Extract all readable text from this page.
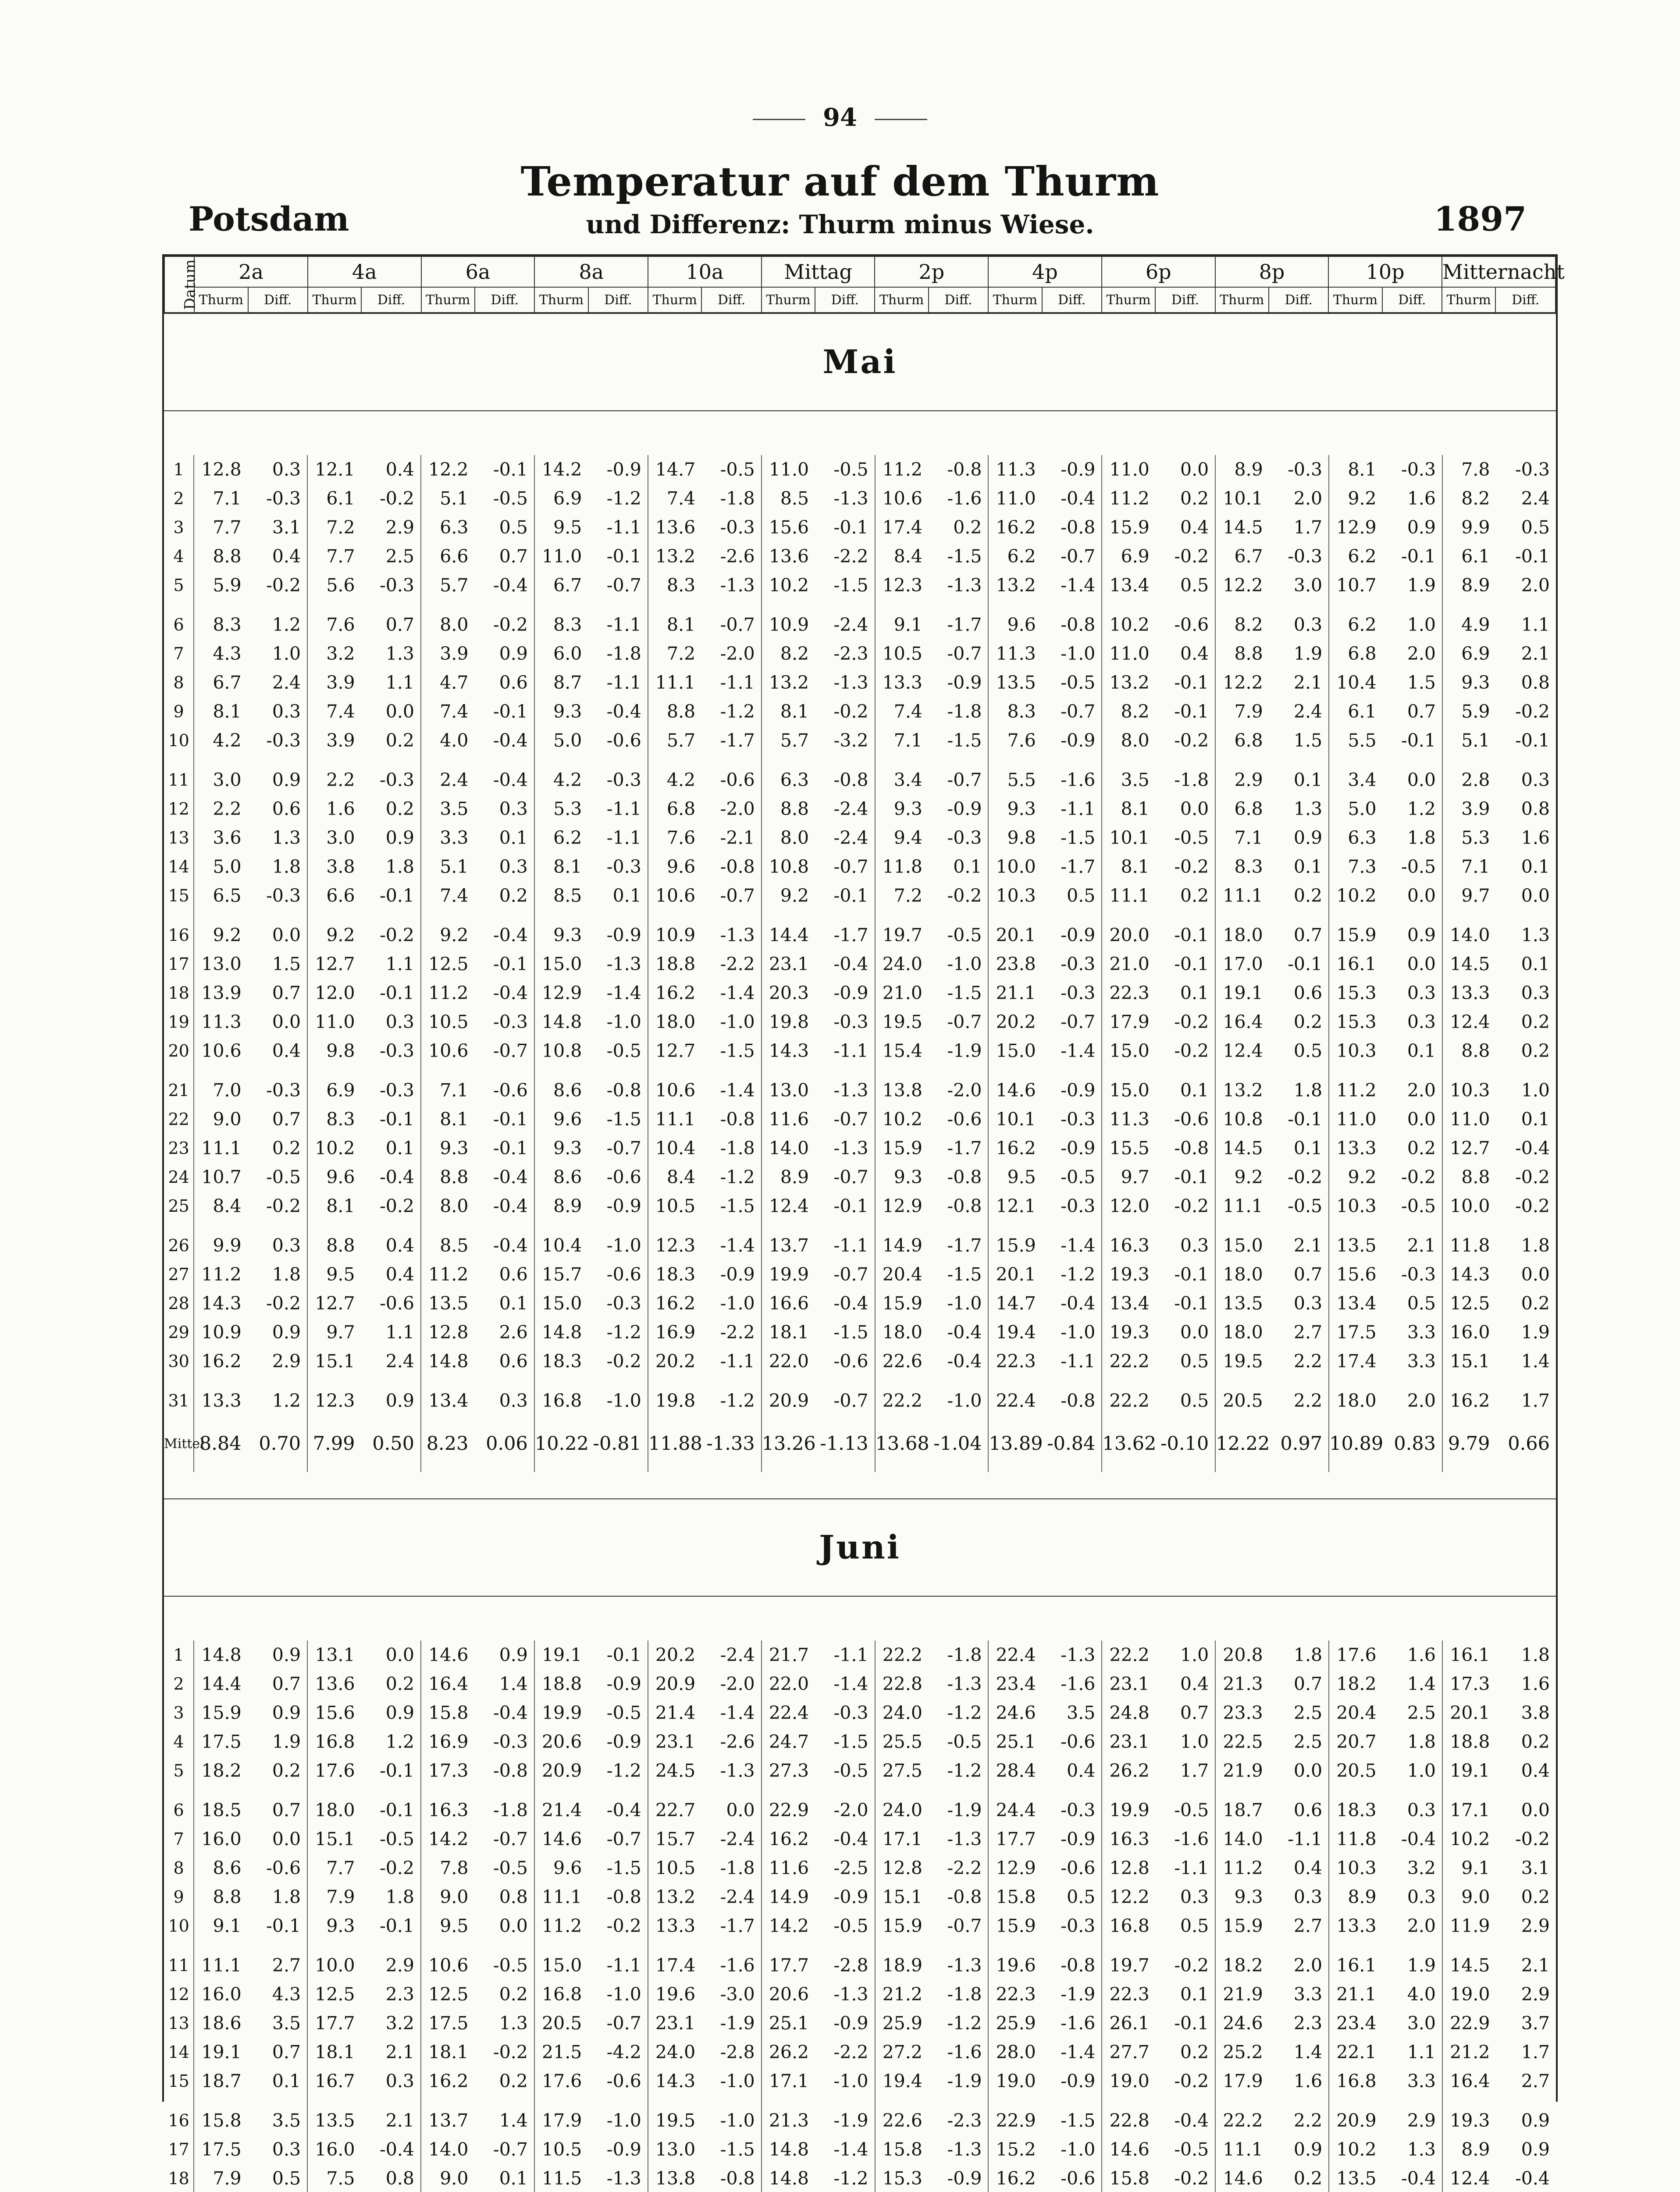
94
Temperatur auf dem Thurm
und Differenz: Thurm minus Wiese.
Potsdam	1897
Datum	2a		4a		6a		8a		10a		Mittag		2p		4p		6p		8p		10p		Mitternacht	
	Thurm	Diff.	Thurm	Diff.	Thurm	Diff.	Thurm	Diff.	Thurm	Diff.	Thurm	Diff.	Thurm	Diff.	Thurm	Diff.	Thurm	Diff.	Thurm	Diff.	Thurm	Diff.	Thurm	Diff.
Mai
1	12.8	0.3	12.1	0.4	12.2	-0.1	14.2	-0.9	14.7	-0.5	11.0	-0.5	11.2	-0.8	11.3	-0.9	11.0	0.0	8.9	-0.3	8.1	-0.3	7.8	-0.3
2	7.1	-0.3	6.1	-0.2	5.1	-0.5	6.9	-1.2	7.4	-1.8	8.5	-1.3	10.6	-1.6	11.0	-0.4	11.2	0.2	10.1	2.0	9.2	1.6	8.2	2.4
3	7.7	3.1	7.2	2.9	6.3	0.5	9.5	-1.1	13.6	-0.3	15.6	-0.1	17.4	0.2	16.2	-0.8	15.9	0.4	14.5	1.7	12.9	0.9	9.9	0.5
4	8.8	0.4	7.7	2.5	6.6	0.7	11.0	-0.1	13.2	-2.6	13.6	-2.2	8.4	-1.5	6.2	-0.7	6.9	-0.2	6.7	-0.3	6.2	-0.1	6.1	-0.1
5	5.9	-0.2	5.6	-0.3	5.7	-0.4	6.7	-0.7	8.3	-1.3	10.2	-1.5	12.3	-1.3	13.2	-1.4	13.4	0.5	12.2	3.0	10.7	1.9	8.9	2.0
6	8.3	1.2	7.6	0.7	8.0	-0.2	8.3	-1.1	8.1	-0.7	10.9	-2.4	9.1	-1.7	9.6	-0.8	10.2	-0.6	8.2	0.3	6.2	1.0	4.9	1.1
7	4.3	1.0	3.2	1.3	3.9	0.9	6.0	-1.8	7.2	-2.0	8.2	-2.3	10.5	-0.7	11.3	-1.0	11.0	0.4	8.8	1.9	6.8	2.0	6.9	2.1
8	6.7	2.4	3.9	1.1	4.7	0.6	8.7	-1.1	11.1	-1.1	13.2	-1.3	13.3	-0.9	13.5	-0.5	13.2	-0.1	12.2	2.1	10.4	1.5	9.3	0.8
9	8.1	0.3	7.4	0.0	7.4	-0.1	9.3	-0.4	8.8	-1.2	8.1	-0.2	7.4	-1.8	8.3	-0.7	8.2	-0.1	7.9	2.4	6.1	0.7	5.9	-0.2
10	4.2	-0.3	3.9	0.2	4.0	-0.4	5.0	-0.6	5.7	-1.7	5.7	-3.2	7.1	-1.5	7.6	-0.9	8.0	-0.2	6.8	1.5	5.5	-0.1	5.1	-0.1
11	3.0	0.9	2.2	-0.3	2.4	-0.4	4.2	-0.3	4.2	-0.6	6.3	-0.8	3.4	-0.7	5.5	-1.6	3.5	-1.8	2.9	0.1	3.4	0.0	2.8	0.3
12	2.2	0.6	1.6	0.2	3.5	0.3	5.3	-1.1	6.8	-2.0	8.8	-2.4	9.3	-0.9	9.3	-1.1	8.1	0.0	6.8	1.3	5.0	1.2	3.9	0.8
13	3.6	1.3	3.0	0.9	3.3	0.1	6.2	-1.1	7.6	-2.1	8.0	-2.4	9.4	-0.3	9.8	-1.5	10.1	-0.5	7.1	0.9	6.3	1.8	5.3	1.6
14	5.0	1.8	3.8	1.8	5.1	0.3	8.1	-0.3	9.6	-0.8	10.8	-0.7	11.8	0.1	10.0	-1.7	8.1	-0.2	8.3	0.1	7.3	-0.5	7.1	0.1
15	6.5	-0.3	6.6	-0.1	7.4	0.2	8.5	0.1	10.6	-0.7	9.2	-0.1	7.2	-0.2	10.3	0.5	11.1	0.2	11.1	0.2	10.2	0.0	9.7	0.0
16	9.2	0.0	9.2	-0.2	9.2	-0.4	9.3	-0.9	10.9	-1.3	14.4	-1.7	19.7	-0.5	20.1	-0.9	20.0	-0.1	18.0	0.7	15.9	0.9	14.0	1.3
17	13.0	1.5	12.7	1.1	12.5	-0.1	15.0	-1.3	18.8	-2.2	23.1	-0.4	24.0	-1.0	23.8	-0.3	21.0	-0.1	17.0	-0.1	16.1	0.0	14.5	0.1
18	13.9	0.7	12.0	-0.1	11.2	-0.4	12.9	-1.4	16.2	-1.4	20.3	-0.9	21.0	-1.5	21.1	-0.3	22.3	0.1	19.1	0.6	15.3	0.3	13.3	0.3
19	11.3	0.0	11.0	0.3	10.5	-0.3	14.8	-1.0	18.0	-1.0	19.8	-0.3	19.5	-0.7	20.2	-0.7	17.9	-0.2	16.4	0.2	15.3	0.3	12.4	0.2
20	10.6	0.4	9.8	-0.3	10.6	-0.7	10.8	-0.5	12.7	-1.5	14.3	-1.1	15.4	-1.9	15.0	-1.4	15.0	-0.2	12.4	0.5	10.3	0.1	8.8	0.2
21	7.0	-0.3	6.9	-0.3	7.1	-0.6	8.6	-0.8	10.6	-1.4	13.0	-1.3	13.8	-2.0	14.6	-0.9	15.0	0.1	13.2	1.8	11.2	2.0	10.3	1.0
22	9.0	0.7	8.3	-0.1	8.1	-0.1	9.6	-1.5	11.1	-0.8	11.6	-0.7	10.2	-0.6	10.1	-0.3	11.3	-0.6	10.8	-0.1	11.0	0.0	11.0	0.1
23	11.1	0.2	10.2	0.1	9.3	-0.1	9.3	-0.7	10.4	-1.8	14.0	-1.3	15.9	-1.7	16.2	-0.9	15.5	-0.8	14.5	0.1	13.3	0.2	12.7	-0.4
24	10.7	-0.5	9.6	-0.4	8.8	-0.4	8.6	-0.6	8.4	-1.2	8.9	-0.7	9.3	-0.8	9.5	-0.5	9.7	-0.1	9.2	-0.2	9.2	-0.2	8.8	-0.2
25	8.4	-0.2	8.1	-0.2	8.0	-0.4	8.9	-0.9	10.5	-1.5	12.4	-0.1	12.9	-0.8	12.1	-0.3	12.0	-0.2	11.1	-0.5	10.3	-0.5	10.0	-0.2
26	9.9	0.3	8.8	0.4	8.5	-0.4	10.4	-1.0	12.3	-1.4	13.7	-1.1	14.9	-1.7	15.9	-1.4	16.3	0.3	15.0	2.1	13.5	2.1	11.8	1.8
27	11.2	1.8	9.5	0.4	11.2	0.6	15.7	-0.6	18.3	-0.9	19.9	-0.7	20.4	-1.5	20.1	-1.2	19.3	-0.1	18.0	0.7	15.6	-0.3	14.3	0.0
28	14.3	-0.2	12.7	-0.6	13.5	0.1	15.0	-0.3	16.2	-1.0	16.6	-0.4	15.9	-1.0	14.7	-0.4	13.4	-0.1	13.5	0.3	13.4	0.5	12.5	0.2
29	10.9	0.9	9.7	1.1	12.8	2.6	14.8	-1.2	16.9	-2.2	18.1	-1.5	18.0	-0.4	19.4	-1.0	19.3	0.0	18.0	2.7	17.5	3.3	16.0	1.9
30	16.2	2.9	15.1	2.4	14.8	0.6	18.3	-0.2	20.2	-1.1	22.0	-0.6	22.6	-0.4	22.3	-1.1	22.2	0.5	19.5	2.2	17.4	3.3	15.1	1.4
31	13.3	1.2	12.3	0.9	13.4	0.3	16.8	-1.0	19.8	-1.2	20.9	-0.7	22.2	-1.0	22.4	-0.8	22.2	0.5	20.5	2.2	18.0	2.0	16.2	1.7
Mittel	8.84	0.70	7.99	0.50	8.23	0.06	10.22	-0.81	11.88	-1.33	13.26	-1.13	13.68	-1.04	13.89	-0.84	13.62	-0.10	12.22	0.97	10.89	0.83	9.79	0.66
Juni
1	14.8	0.9	13.1	0.0	14.6	0.9	19.1	-0.1	20.2	-2.4	21.7	-1.1	22.2	-1.8	22.4	-1.3	22.2	1.0	20.8	1.8	17.6	1.6	16.1	1.8
2	14.4	0.7	13.6	0.2	16.4	1.4	18.8	-0.9	20.9	-2.0	22.0	-1.4	22.8	-1.3	23.4	-1.6	23.1	0.4	21.3	0.7	18.2	1.4	17.3	1.6
3	15.9	0.9	15.6	0.9	15.8	-0.4	19.9	-0.5	21.4	-1.4	22.4	-0.3	24.0	-1.2	24.6	3.5	24.8	0.7	23.3	2.5	20.4	2.5	20.1	3.8
4	17.5	1.9	16.8	1.2	16.9	-0.3	20.6	-0.9	23.1	-2.6	24.7	-1.5	25.5	-0.5	25.1	-0.6	23.1	1.0	22.5	2.5	20.7	1.8	18.8	0.2
5	18.2	0.2	17.6	-0.1	17.3	-0.8	20.9	-1.2	24.5	-1.3	27.3	-0.5	27.5	-1.2	28.4	0.4	26.2	1.7	21.9	0.0	20.5	1.0	19.1	0.4
6	18.5	0.7	18.0	-0.1	16.3	-1.8	21.4	-0.4	22.7	0.0	22.9	-2.0	24.0	-1.9	24.4	-0.3	19.9	-0.5	18.7	0.6	18.3	0.3	17.1	0.0
7	16.0	0.0	15.1	-0.5	14.2	-0.7	14.6	-0.7	15.7	-2.4	16.2	-0.4	17.1	-1.3	17.7	-0.9	16.3	-1.6	14.0	-1.1	11.8	-0.4	10.2	-0.2
8	8.6	-0.6	7.7	-0.2	7.8	-0.5	9.6	-1.5	10.5	-1.8	11.6	-2.5	12.8	-2.2	12.9	-0.6	12.8	-1.1	11.2	0.4	10.3	3.2	9.1	3.1
9	8.8	1.8	7.9	1.8	9.0	0.8	11.1	-0.8	13.2	-2.4	14.9	-0.9	15.1	-0.8	15.8	0.5	12.2	0.3	9.3	0.3	8.9	0.3	9.0	0.2
10	9.1	-0.1	9.3	-0.1	9.5	0.0	11.2	-0.2	13.3	-1.7	14.2	-0.5	15.9	-0.7	15.9	-0.3	16.8	0.5	15.9	2.7	13.3	2.0	11.9	2.9
11	11.1	2.7	10.0	2.9	10.6	-0.5	15.0	-1.1	17.4	-1.6	17.7	-2.8	18.9	-1.3	19.6	-0.8	19.7	-0.2	18.2	2.0	16.1	1.9	14.5	2.1
12	16.0	4.3	12.5	2.3	12.5	0.2	16.8	-1.0	19.6	-3.0	20.6	-1.3	21.2	-1.8	22.3	-1.9	22.3	0.1	21.9	3.3	21.1	4.0	19.0	2.9
13	18.6	3.5	17.7	3.2	17.5	1.3	20.5	-0.7	23.1	-1.9	25.1	-0.9	25.9	-1.2	25.9	-1.6	26.1	-0.1	24.6	2.3	23.4	3.0	22.9	3.7
14	19.1	0.7	18.1	2.1	18.1	-0.2	21.5	-4.2	24.0	-2.8	26.2	-2.2	27.2	-1.6	28.0	-1.4	27.7	0.2	25.2	1.4	22.1	1.1	21.2	1.7
15	18.7	0.1	16.7	0.3	16.2	0.2	17.6	-0.6	14.3	-1.0	17.1	-1.0	19.4	-1.9	19.0	-0.9	19.0	-0.2	17.9	1.6	16.8	3.3	16.4	2.7
16	15.8	3.5	13.5	2.1	13.7	1.4	17.9	-1.0	19.5	-1.0	21.3	-1.9	22.6	-2.3	22.9	-1.5	22.8	-0.4	22.2	2.2	20.9	2.9	19.3	0.9
17	17.5	0.3	16.0	-0.4	14.0	-0.7	10.5	-0.9	13.0	-1.5	14.8	-1.4	15.8	-1.3	15.2	-1.0	14.6	-0.5	11.1	0.9	10.2	1.3	8.9	0.9
18	7.9	0.5	7.5	0.8	9.0	0.1	11.5	-1.3	13.8	-0.8	14.8	-1.2	15.3	-0.9	16.2	-0.6	15.8	-0.2	14.6	0.2	13.5	-0.4	12.4	-0.4
